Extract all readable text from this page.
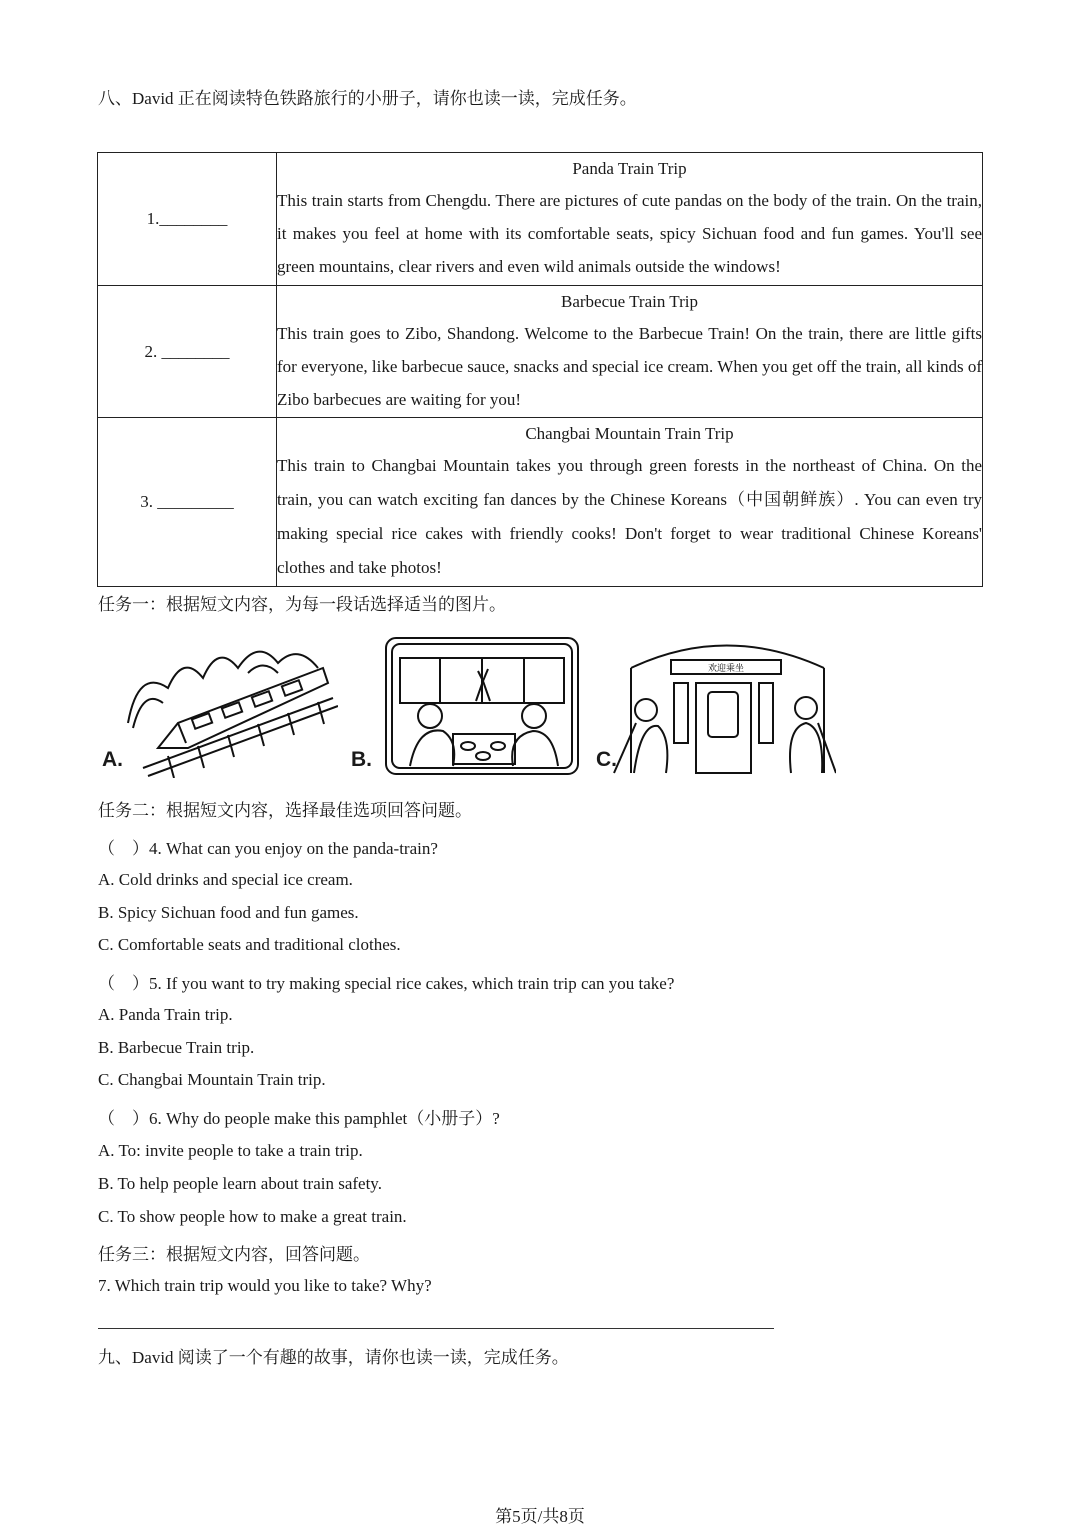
八、David 正在阅读特色铁路旅行的小册子，请你也读一读，完成任务。
1.________	Panda Train Trip
This train starts from Chengdu. There are pictures of cute pandas on the body of the train. On the train, it makes you feel at home with its comfortable seats, spicy Sichuan food and fun games. You'll see green mountains, clear rivers and even wild animals outside the windows!

2. ________	Barbecue Train Trip
This train goes to Zibo, Shandong. Welcome to the Barbecue Train! On the train, there are little gifts for everyone, like barbecue sauce, snacks and special ice cream. When you get off the train, all kinds of Zibo barbecues are waiting for you!

3. _________	Changbai Mountain Train Trip
This train to Changbai Mountain takes you through green forests in the northeast of China. On the train, you can watch exciting fan dances by the Chinese Koreans（中国朝鲜族）. You can even try making special rice cakes with friendly cooks! Don't forget to wear traditional Chinese Koreans' clothes and take photos!
任务一：根据短文内容，为每一段话选择适当的图片。
A.	B.
欢迎乘坐
C.
任务二：根据短文内容，选择最佳选项回答问题。
（　）4. What can you enjoy on the panda-train?
A. Cold drinks and special ice cream.
B. Spicy Sichuan food and fun games.
C. Comfortable seats and traditional clothes.
（　）5. If you want to try making special rice cakes, which train trip can you take?
A. Panda Train trip.
B. Barbecue Train trip.
C. Changbai Mountain Train trip.
（　）6. Why do people make this pamphlet（小册子）?
A. To: invite people to take a train trip.
B. To help people learn about train safety.
C. To show people how to make a great train.
任务三：根据短文内容，回答问题。
7. Which train trip would you like to take? Why?
九、David 阅读了一个有趣的故事，请你也读一读，完成任务。
第5页/共8页
